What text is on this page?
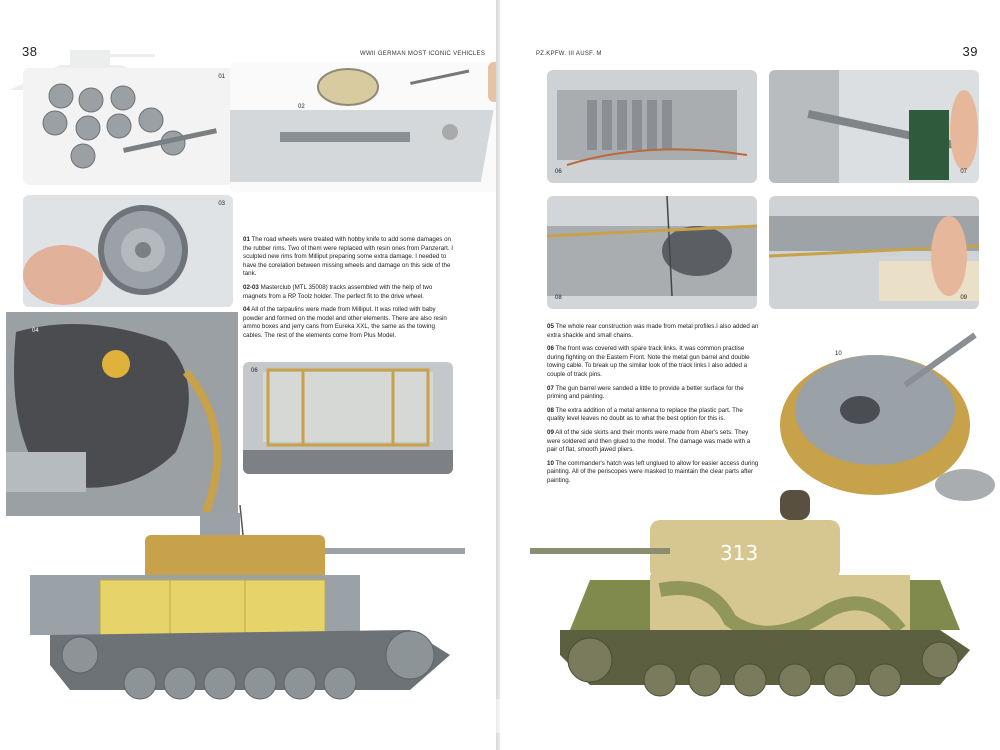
38	WWII GERMAN MOST ICONIC VEHICLES
01
02
03
04
06

01 The road wheels were treated with hobby knife to add some damages on the rubber rims. Two of them were replaced with resin ones from Panzerart. I sculpted new rims from Milliput preparing some extra damage. I needed to have the corelation between missing wheels and damage on this side of the tank.

02-03 Masterclub (MTL 35008) tracks assembled with the help of two magnets from a RP Toolz holder. The perfect fit to the drive wheel.

04 All of the tarpaulins were made from Milliput. It was rolled with baby powder and formed on the model and other elements. There are also resin ammo boxes and jerry cans from Eureka XXL, the same as the towing cables. The rest of the elements come from Plus Model.

39
PZ.KPFW. III AUSF. M
06	07
08	09
10

05 The whole rear construction was made from metal profiles.I also added an extra shackle and small chains.

06 The front was covered with spare track links. It was common practise during fighting on the Eastern Front. Note the metal gun barrel and double towing cable. To break up the similar look of the track links I also added a couple of track pins.

07 The gun barrel were sanded a little to provide a better surface for the priming and painting.

08 The extra addition of a metal antenna to replace the plastic part. The quality level leaves no doubt as to what the best option for this is.

09 All of the side skirts and their monts were made from Aber's sets. They were soldered and then glued to the model. The damage was made with a pair of flat, smooth jawed pliers.

10 The commander's hatch was left unglued to allow for easier access during painting. All of the periscopes were masked to maintain the clear parts after painting.

313
MODEL
